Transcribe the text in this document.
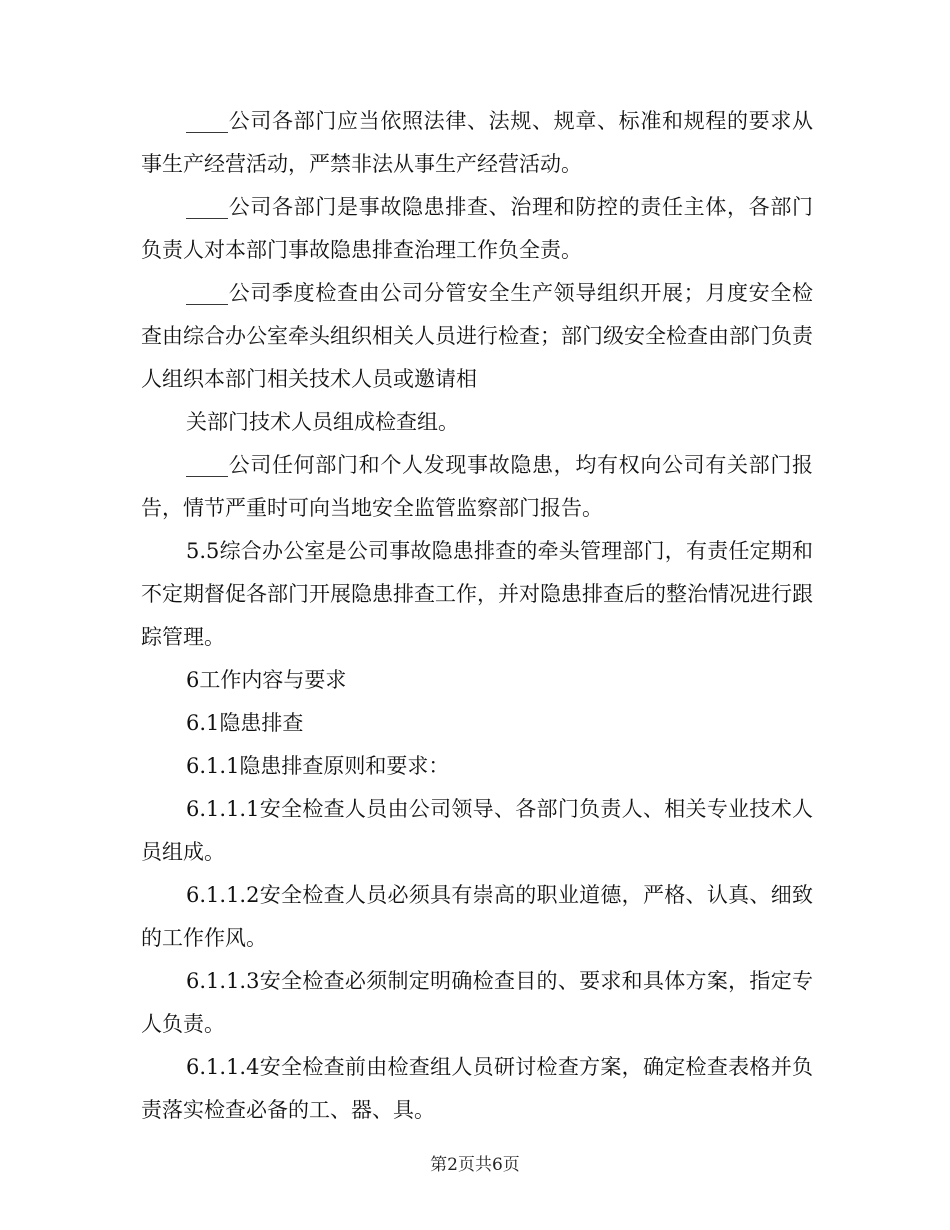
____公司各部门应当依照法律、法规、规章、标准和规程的要求从事生产经营活动，严禁非法从事生产经营活动。

____公司各部门是事故隐患排查、治理和防控的责任主体，各部门负责人对本部门事故隐患排查治理工作负全责。

____公司季度检查由公司分管安全生产领导组织开展；月度安全检查由综合办公室牵头组织相关人员进行检查；部门级安全检查由部门负责人组织本部门相关技术人员或邀请相

关部门技术人员组成检查组。

____公司任何部门和个人发现事故隐患，均有权向公司有关部门报告，情节严重时可向当地安全监管监察部门报告。

5.5综合办公室是公司事故隐患排查的牵头管理部门，有责任定期和不定期督促各部门开展隐患排查工作，并对隐患排查后的整治情况进行跟踪管理。

6工作内容与要求

6.1隐患排查

6.1.1隐患排查原则和要求：

6.1.1.1安全检查人员由公司领导、各部门负责人、相关专业技术人员组成。

6.1.1.2安全检查人员必须具有崇高的职业道德，严格、认真、细致的工作作风。

6.1.1.3安全检查必须制定明确检查目的、要求和具体方案，指定专人负责。

6.1.1.4安全检查前由检查组人员研讨检查方案，确定检查表格并负责落实检查必备的工、器、具。

第2页共6页
